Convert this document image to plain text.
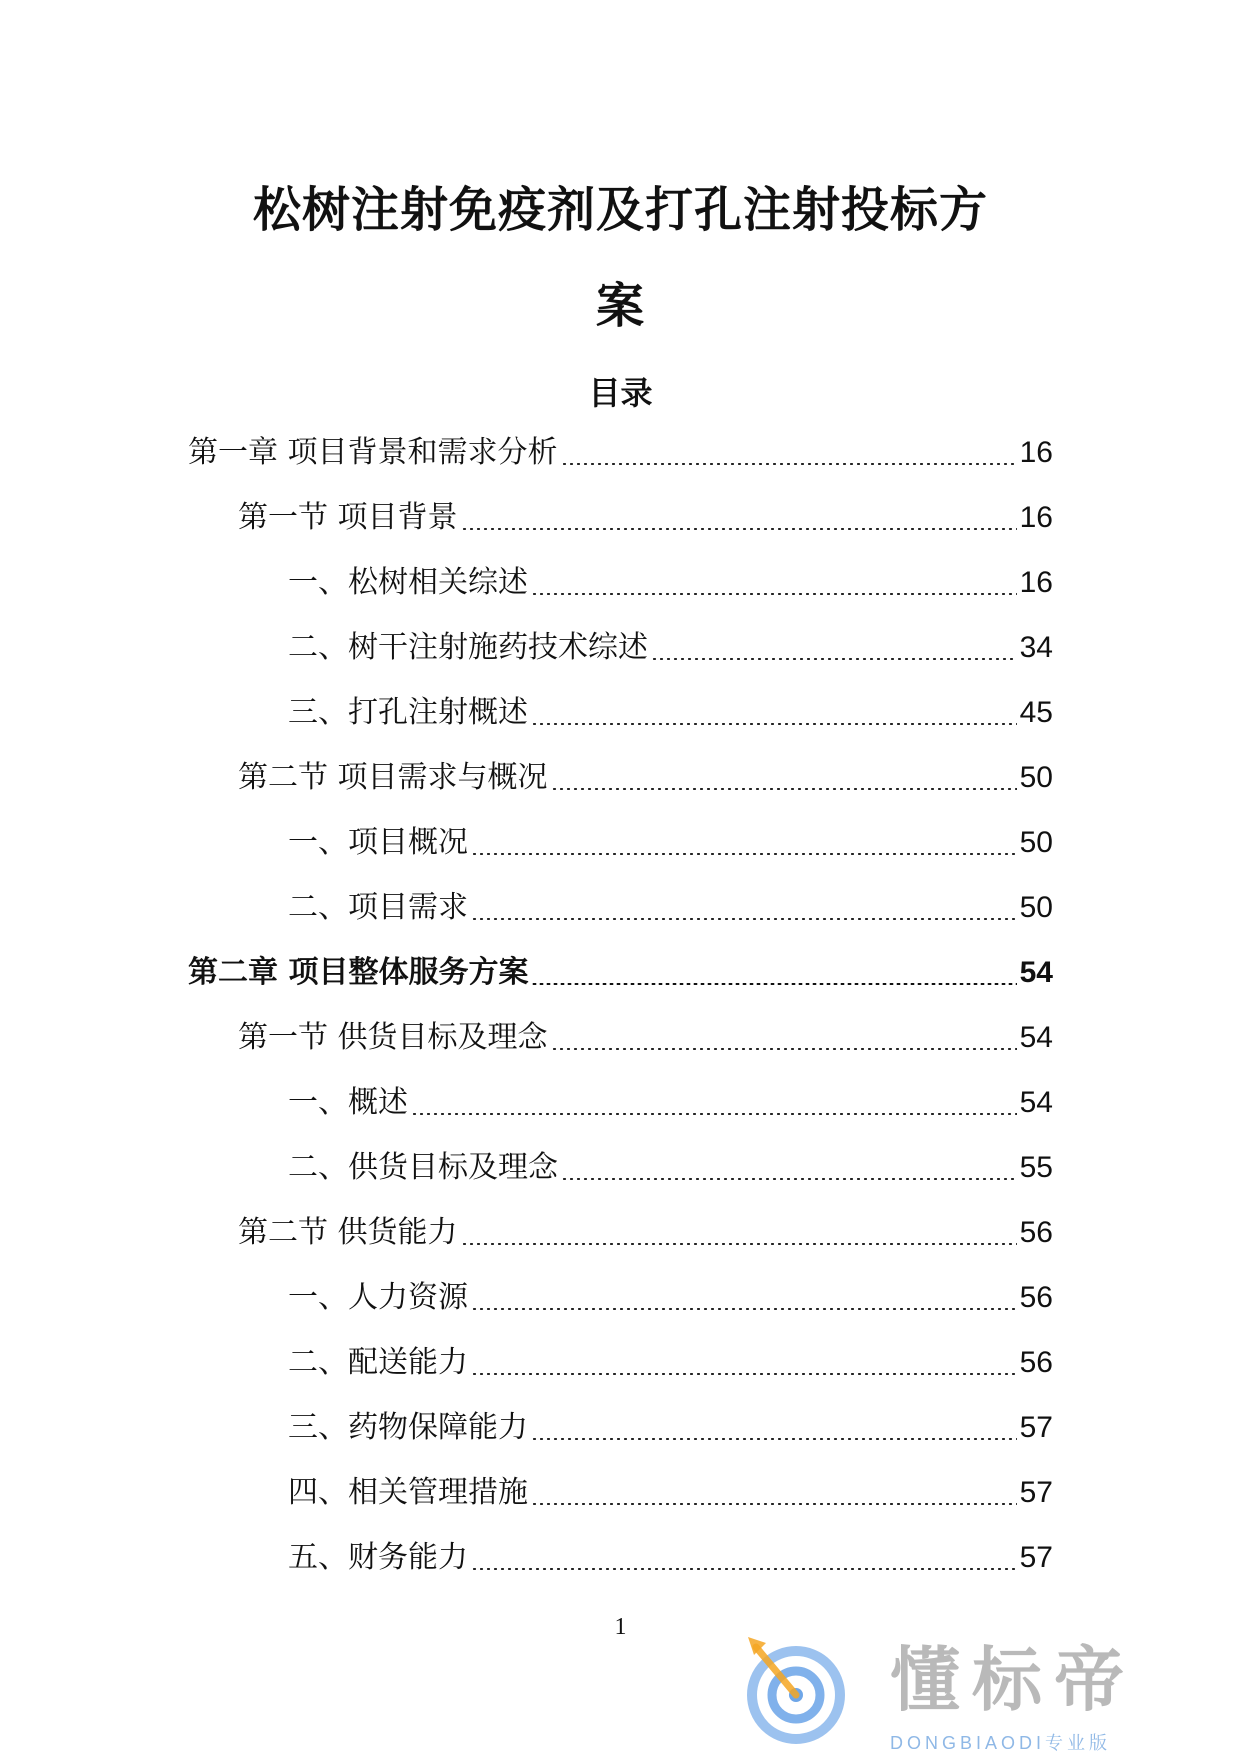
松树注射免疫剂及打孔注射投标方
案
目录
第一章 项目背景和需求分析	16
第一节 项目背景	16
一、松树相关综述	16
二、树干注射施药技术综述	34
三、打孔注射概述	45
第二节 项目需求与概况	50
一、项目概况	50
二、项目需求	50
第二章 项目整体服务方案	54
第一节 供货目标及理念	54
一、概述	54
二、供货目标及理念	55
第二节 供货能力	56
一、人力资源	56
二、配送能力	56
三、药物保障能力	57
四、相关管理措施	57
五、财务能力	57
1
懂标帝
DONGBIAODI专业版
